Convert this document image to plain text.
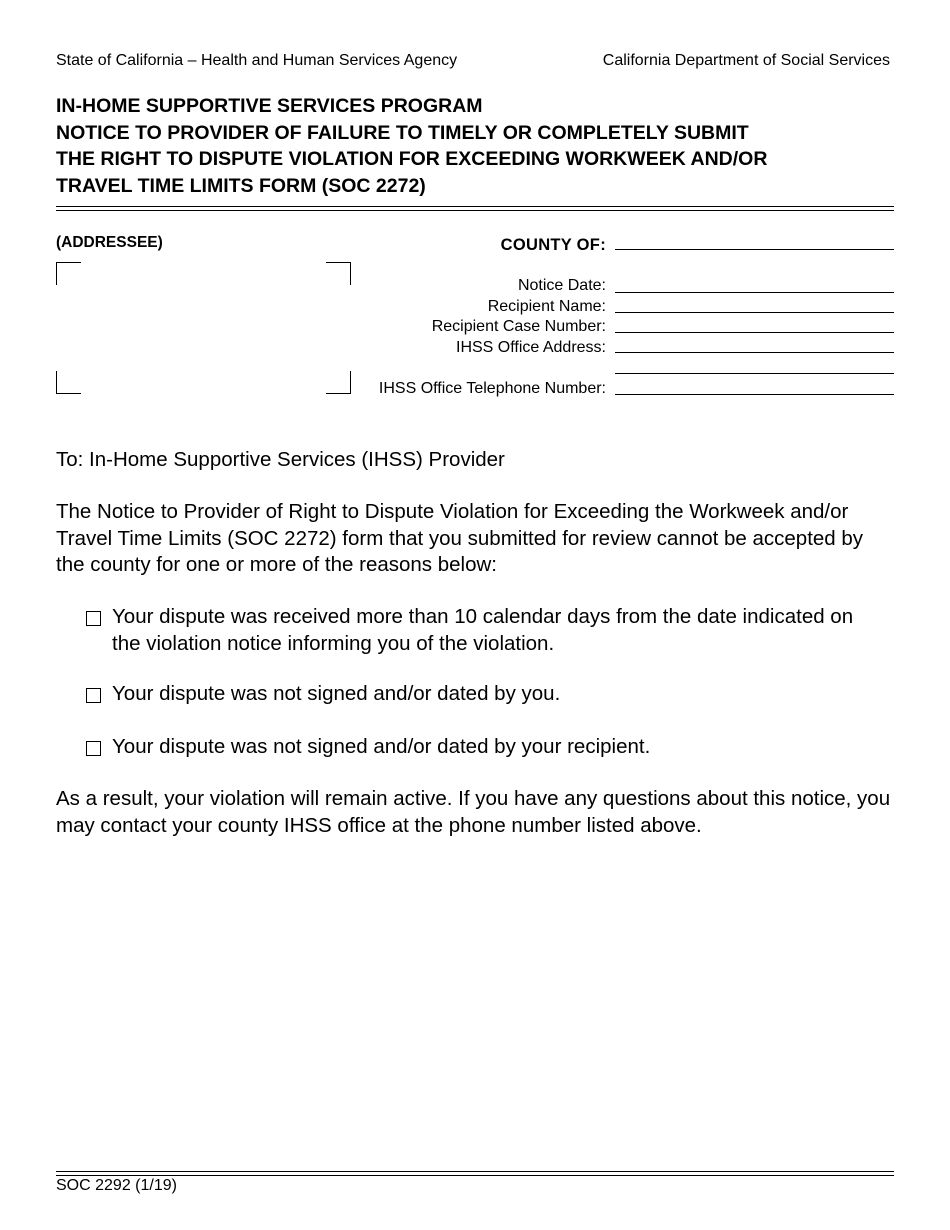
State of California – Health and Human Services Agency	California Department of Social Services
IN-HOME SUPPORTIVE SERVICES PROGRAM
NOTICE TO PROVIDER OF FAILURE TO TIMELY OR COMPLETELY SUBMIT
THE RIGHT TO DISPUTE VIOLATION FOR EXCEEDING WORKWEEK AND/OR
TRAVEL TIME LIMITS FORM (SOC 2272)
(ADDRESSEE)	COUNTY OF:
Notice Date:
Recipient Name:
Recipient Case Number:
IHSS Office Address:
IHSS Office Telephone Number:
To: In-Home Supportive Services (IHSS) Provider
The Notice to Provider of Right to Dispute Violation for Exceeding the Workweek and/or Travel Time Limits (SOC 2272) form that you submitted for review cannot be accepted by the county for one or more of the reasons below:
Your dispute was received more than 10 calendar days from the date indicated on the violation notice informing you of the violation.
Your dispute was not signed and/or dated by you.
Your dispute was not signed and/or dated by your recipient.
As a result, your violation will remain active. If you have any questions about this notice, you may contact your county IHSS office at the phone number listed above.
SOC 2292 (1/19)
